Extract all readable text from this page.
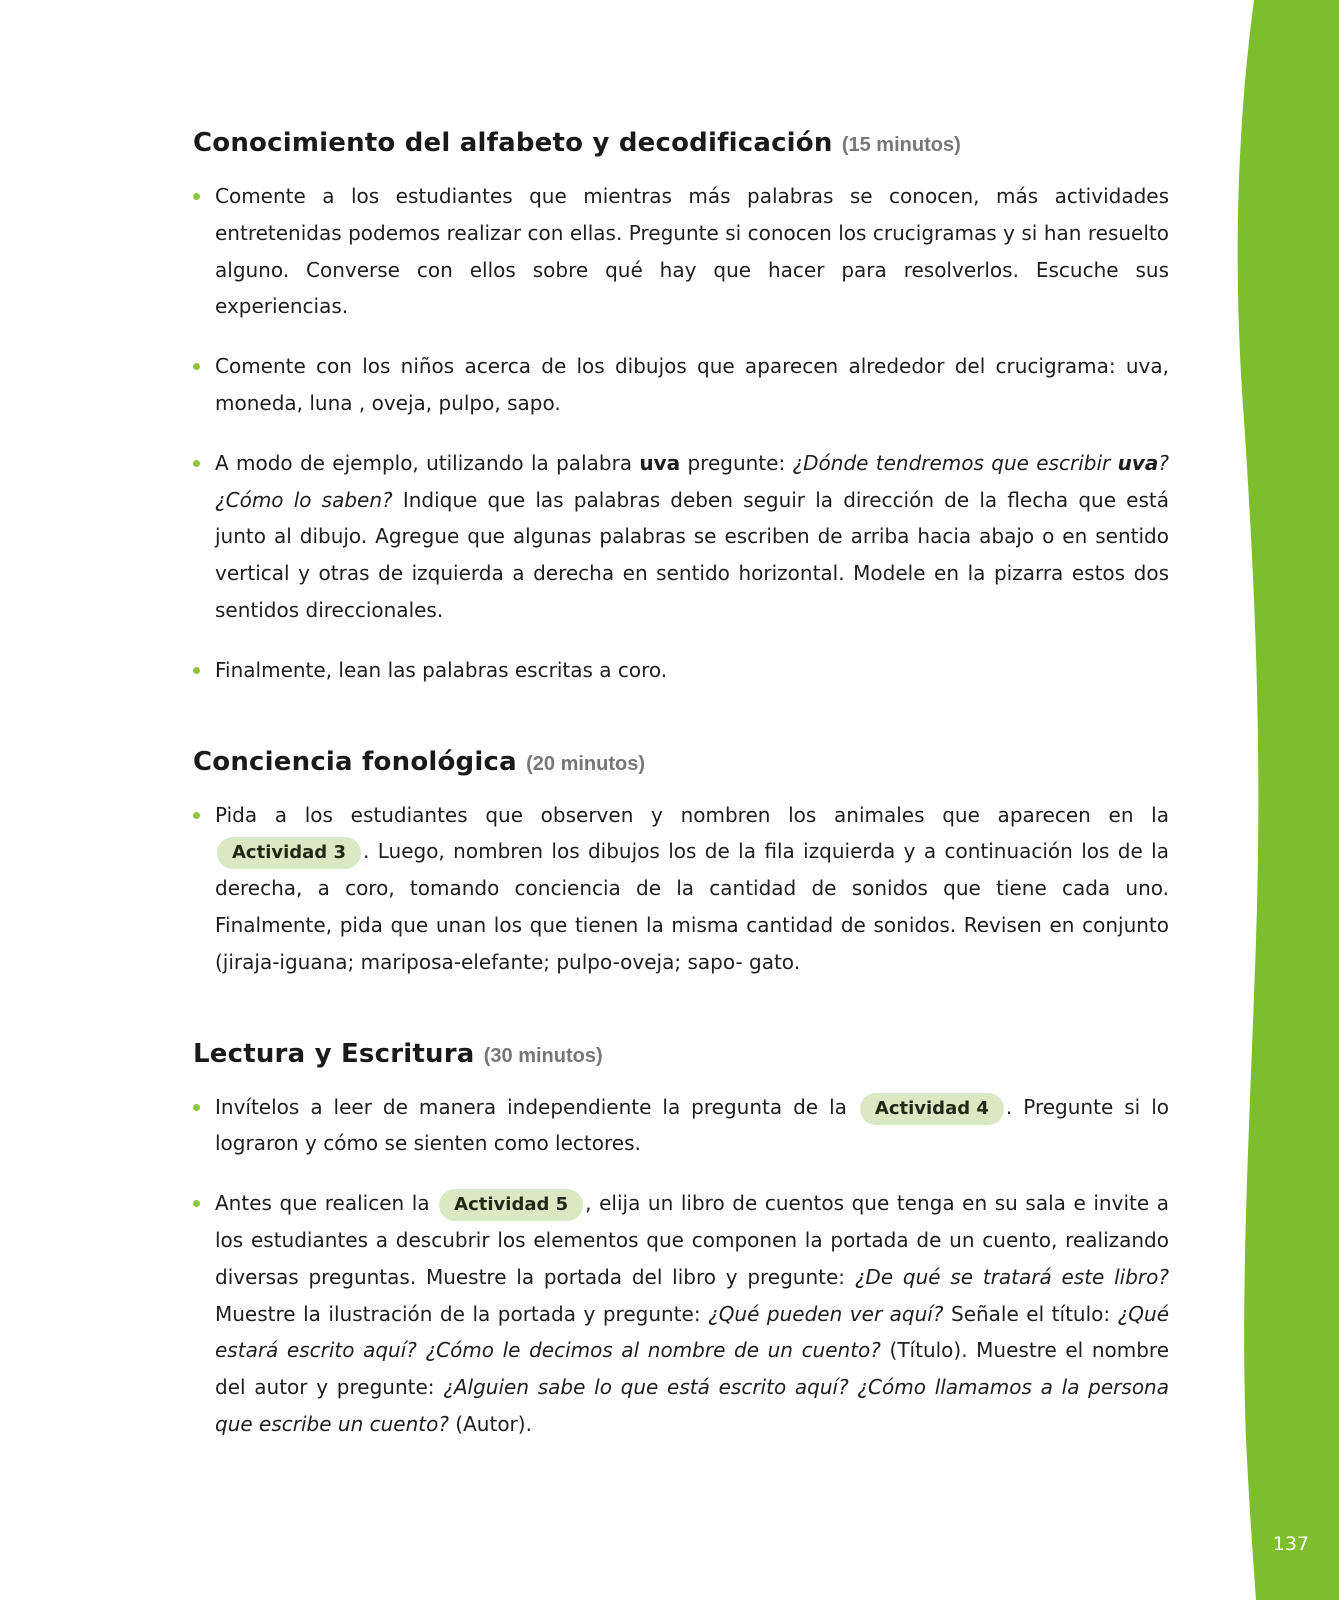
137
Conocimiento del alfabeto y decodificación (15 minutos)
Comente a los estudiantes que mientras más palabras se conocen, más actividades entretenidas podemos realizar con ellas. Pregunte si conocen los crucigramas y si han resuelto alguno. Converse con ellos sobre qué hay que hacer para resolverlos. Escuche sus experiencias.
Comente con los niños acerca de los dibujos que aparecen alrededor del crucigrama: uva, moneda, luna , oveja, pulpo, sapo.
A modo de ejemplo, utilizando la palabra uva pregunte: ¿Dónde tendremos que escribir uva? ¿Cómo lo saben? Indique que las palabras deben seguir la dirección de la flecha que está junto al dibujo. Agregue que algunas palabras se escriben de arriba hacia abajo o en sentido vertical y otras de izquierda a derecha en sentido horizontal. Modele en la pizarra estos dos sentidos direccionales.
Finalmente, lean las palabras escritas a coro.
Conciencia fonológica (20 minutos)
Pida a los estudiantes que observen y nombren los animales que aparecen en la Actividad 3 . Luego, nombren los dibujos los de la fila izquierda y a continuación los de la derecha, a coro, tomando conciencia de la cantidad de sonidos que tiene cada uno. Finalmente, pida que unan los que tienen la misma cantidad de sonidos. Revisen en conjunto (jiraja-iguana; mariposa-elefante; pulpo-oveja; sapo- gato.
Lectura y Escritura (30 minutos)
Invítelos a leer de manera independiente la pregunta de la Actividad 4 . Pregunte si lo lograron y cómo se sienten como lectores.
Antes que realicen la Actividad 5 , elija un libro de cuentos que tenga en su sala e invite a los estudiantes a descubrir los elementos que componen la portada de un cuento, realizando diversas preguntas. Muestre la portada del libro y pregunte: ¿De qué se tratará este libro? Muestre la ilustración de la portada y pregunte: ¿Qué pueden ver aquí? Señale el título: ¿Qué estará escrito aquí? ¿Cómo le decimos al nombre de un cuento? (Título). Muestre el nombre del autor y pregunte: ¿Alguien sabe lo que está escrito aquí? ¿Cómo llamamos a la persona que escribe un cuento? (Autor).
